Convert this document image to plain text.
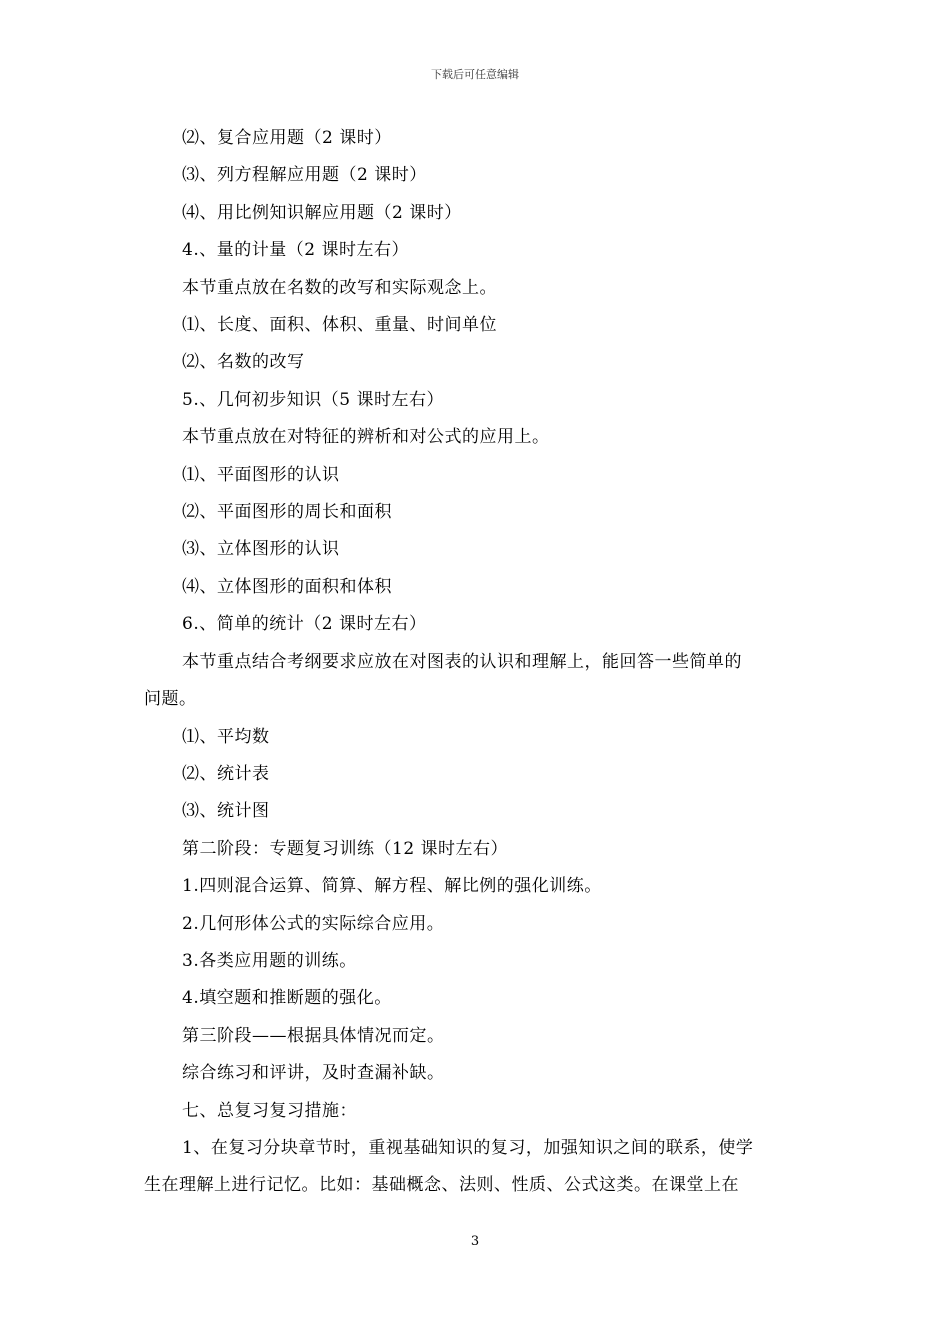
下载后可任意编辑
⑵、复合应用题（2 课时）
⑶、列方程解应用题（2 课时）
⑷、用比例知识解应用题（2 课时）
4.、量的计量（2 课时左右）
本节重点放在名数的改写和实际观念上。
⑴、长度、面积、体积、重量、时间单位
⑵、名数的改写
5.、几何初步知识（5 课时左右）
本节重点放在对特征的辨析和对公式的应用上。
⑴、平面图形的认识
⑵、平面图形的周长和面积
⑶、立体图形的认识
⑷、立体图形的面积和体积
6.、简单的统计（2 课时左右）
本节重点结合考纲要求应放在对图表的认识和理解上，能回答一些简单的
问题。
⑴、平均数
⑵、统计表
⑶、统计图
第二阶段：专题复习训练（12 课时左右）
1.四则混合运算、简算、解方程、解比例的强化训练。
2.几何形体公式的实际综合应用。
3.各类应用题的训练。
4.填空题和推断题的强化。
第三阶段——根据具体情况而定。
综合练习和评讲，及时查漏补缺。
七、总复习复习措施：
1、在复习分块章节时，重视基础知识的复习，加强知识之间的联系，使学
生在理解上进行记忆。比如：基础概念、法则、性质、公式这类。在课堂上在
3
